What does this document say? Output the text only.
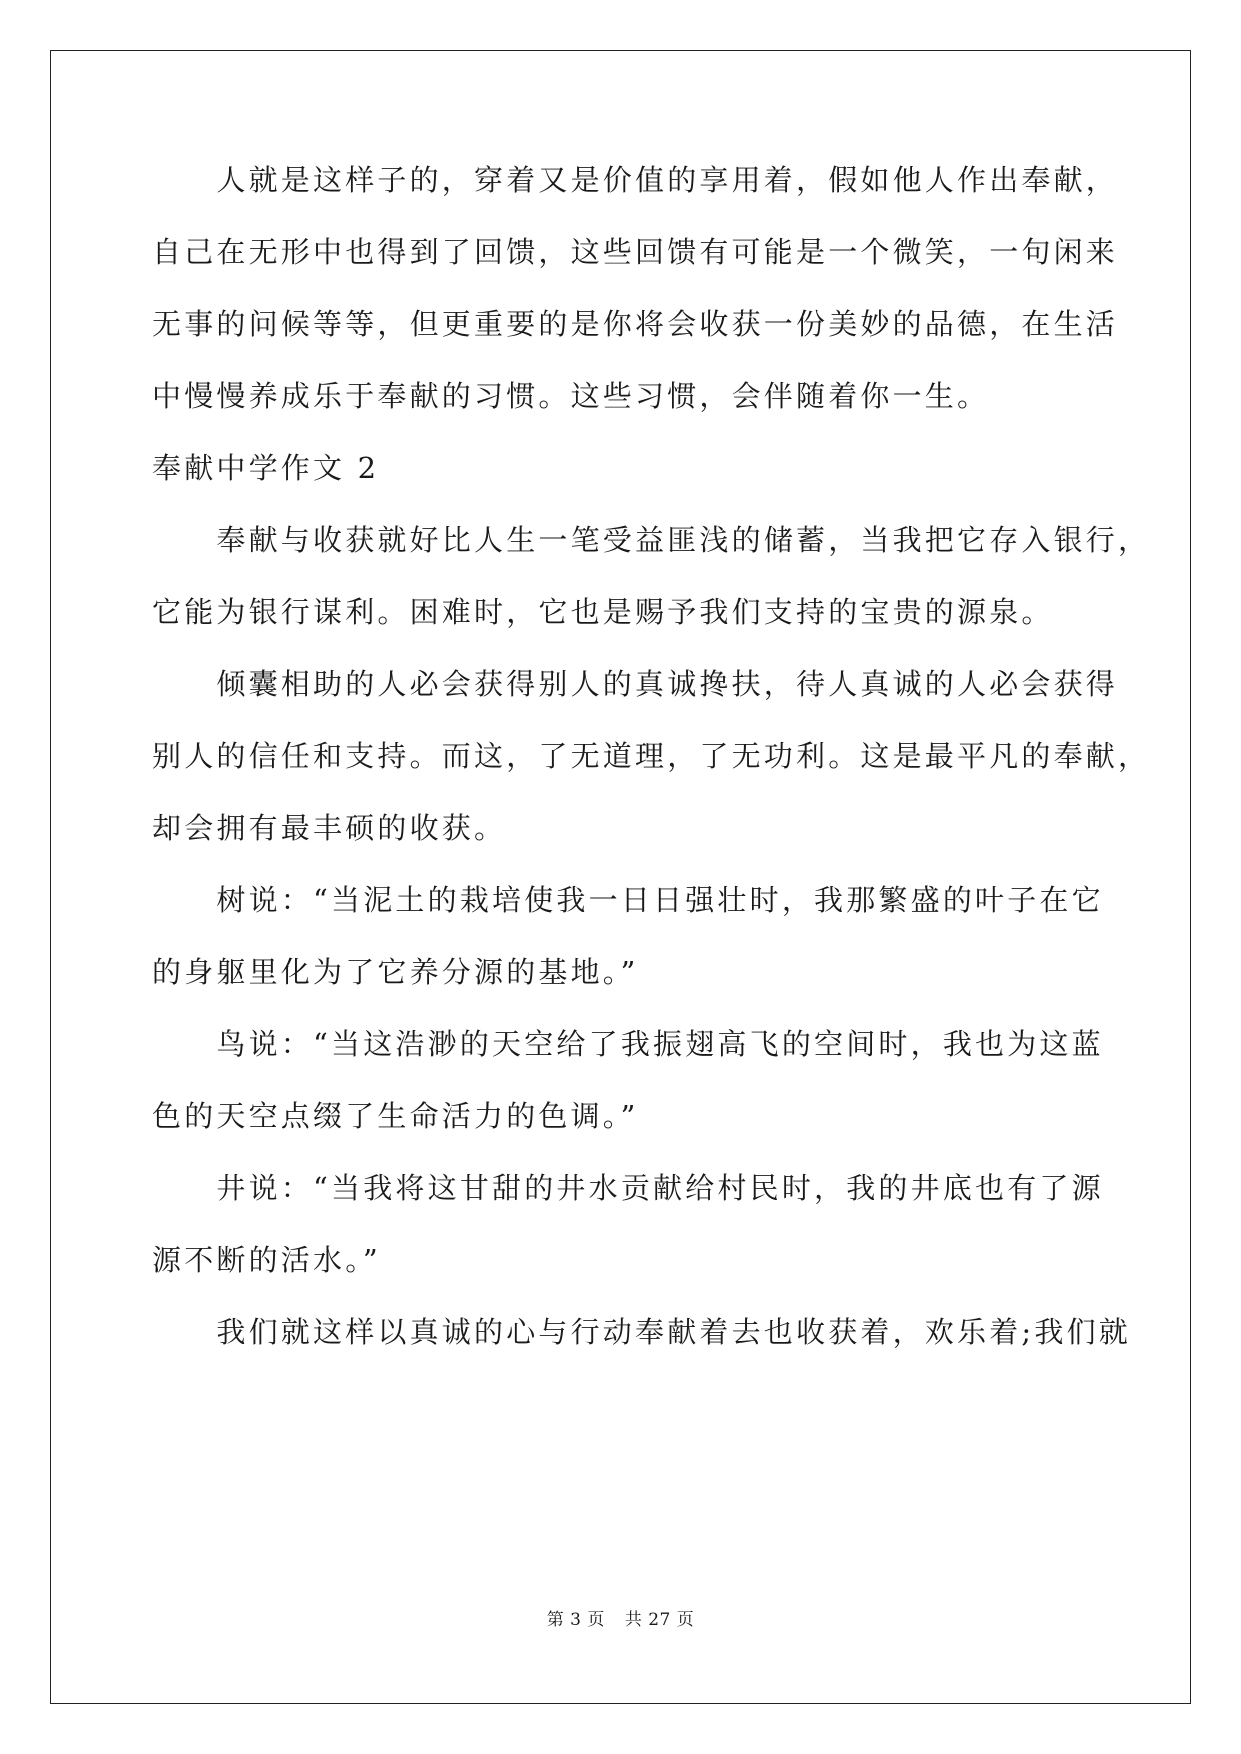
　　人就是这样子的，穿着又是价值的享用着，假如他人作出奉献，
自己在无形中也得到了回馈，这些回馈有可能是一个微笑，一句闲来
无事的问候等等，但更重要的是你将会收获一份美妙的品德，在生活
中慢慢养成乐于奉献的习惯。这些习惯，会伴随着你一生。
奉献中学作文 2
　　奉献与收获就好比人生一笔受益匪浅的储蓄，当我把它存入银行，
它能为银行谋利。困难时，它也是赐予我们支持的宝贵的源泉。
　　倾囊相助的人必会获得别人的真诚搀扶，待人真诚的人必会获得
别人的信任和支持。而这，了无道理，了无功利。这是最平凡的奉献，
却会拥有最丰硕的收获。
　　树说：“当泥土的栽培使我一日日强壮时，我那繁盛的叶子在它
的身躯里化为了它养分源的基地。”
　　鸟说：“当这浩渺的天空给了我振翅高飞的空间时，我也为这蓝
色的天空点缀了生命活力的色调。”
　　井说：“当我将这甘甜的井水贡献给村民时，我的井底也有了源
源不断的活水。”
　　我们就这样以真诚的心与行动奉献着去也收获着，欢乐着;我们就
第 3 页 共 27 页
